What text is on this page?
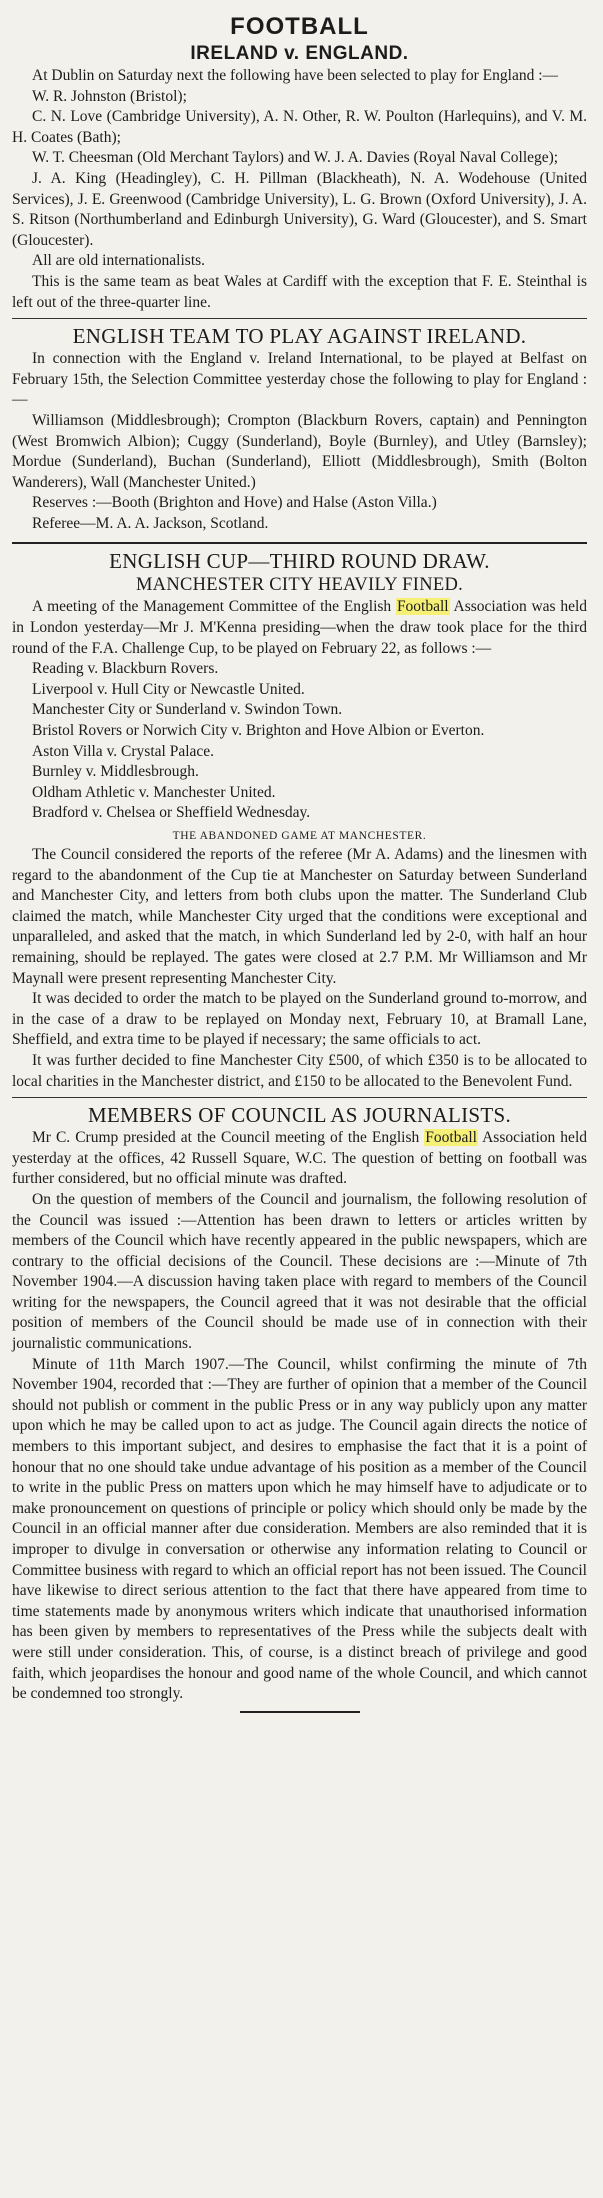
FOOTBALL
IRELAND v. ENGLAND.

At Dublin on Saturday next the following have been selected to play for England :—

W. R. Johnston (Bristol);

C. N. Love (Cambridge University), A. N. Other, R. W. Poulton (Harlequins), and V. M. H. Coates (Bath);

W. T. Cheesman (Old Merchant Taylors) and W. J. A. Davies (Royal Naval College);

J. A. King (Headingley), C. H. Pillman (Blackheath), N. A. Wodehouse (United Services), J. E. Greenwood (Cambridge University), L. G. Brown (Oxford University), J. A. S. Ritson (Northumberland and Edinburgh University), G. Ward (Gloucester), and S. Smart (Gloucester).

All are old internationalists.

This is the same team as beat Wales at Cardiff with the exception that F. E. Steinthal is left out of the three-quarter line.

ENGLISH TEAM TO PLAY AGAINST IRELAND.

In connection with the England v. Ireland International, to be played at Belfast on February 15th, the Selection Committee yesterday chose the following to play for England :—

Williamson (Middlesbrough); Crompton (Blackburn Rovers, captain) and Pennington (West Bromwich Albion); Cuggy (Sunderland), Boyle (Burnley), and Utley (Barnsley); Mordue (Sunderland), Buchan (Sunderland), Elliott (Middlesbrough), Smith (Bolton Wanderers), Wall (Manchester United.)

Reserves :—Booth (Brighton and Hove) and Halse (Aston Villa.)

Referee—M. A. A. Jackson, Scotland.

ENGLISH CUP—THIRD ROUND DRAW.
MANCHESTER CITY HEAVILY FINED.

A meeting of the Management Committee of the English Football Association was held in London yesterday—Mr J. M'Kenna presiding—when the draw took place for the third round of the F.A. Challenge Cup, to be played on February 22, as follows :—

Reading v. Blackburn Rovers.

Liverpool v. Hull City or Newcastle United.

Manchester City or Sunderland v. Swindon Town.

Bristol Rovers or Norwich City v. Brighton and Hove Albion or Everton.

Aston Villa v. Crystal Palace.

Burnley v. Middlesbrough.

Oldham Athletic v. Manchester United.

Bradford v. Chelsea or Sheffield Wednesday.

THE ABANDONED GAME AT MANCHESTER.

The Council considered the reports of the referee (Mr A. Adams) and the linesmen with regard to the abandonment of the Cup tie at Manchester on Saturday between Sunderland and Manchester City, and letters from both clubs upon the matter. The Sunderland Club claimed the match, while Manchester City urged that the conditions were exceptional and unparalleled, and asked that the match, in which Sunderland led by 2-0, with half an hour remaining, should be replayed. The gates were closed at 2.7 P.M. Mr Williamson and Mr Maynall were present representing Manchester City.

It was decided to order the match to be played on the Sunderland ground to-morrow, and in the case of a draw to be replayed on Monday next, February 10, at Bramall Lane, Sheffield, and extra time to be played if necessary; the same officials to act.

It was further decided to fine Manchester City £500, of which £350 is to be allocated to local charities in the Manchester district, and £150 to be allocated to the Benevolent Fund.

MEMBERS OF COUNCIL AS JOURNALISTS.

Mr C. Crump presided at the Council meeting of the English Football Association held yesterday at the offices, 42 Russell Square, W.C. The question of betting on football was further considered, but no official minute was drafted.

On the question of members of the Council and journalism, the following resolution of the Council was issued :—Attention has been drawn to letters or articles written by members of the Council which have recently appeared in the public newspapers, which are contrary to the official decisions of the Council. These decisions are :—Minute of 7th November 1904.—A discussion having taken place with regard to members of the Council writing for the newspapers, the Council agreed that it was not desirable that the official position of members of the Council should be made use of in connection with their journalistic communications.

Minute of 11th March 1907.—The Council, whilst confirming the minute of 7th November 1904, recorded that :—They are further of opinion that a member of the Council should not publish or comment in the public Press or in any way publicly upon any matter upon which he may be called upon to act as judge. The Council again directs the notice of members to this important subject, and desires to emphasise the fact that it is a point of honour that no one should take undue advantage of his position as a member of the Council to write in the public Press on matters upon which he may himself have to adjudicate or to make pronouncement on questions of principle or policy which should only be made by the Council in an official manner after due consideration. Members are also reminded that it is improper to divulge in conversation or otherwise any information relating to Council or Committee business with regard to which an official report has not been issued. The Council have likewise to direct serious attention to the fact that there have appeared from time to time statements made by anonymous writers which indicate that unauthorised information has been given by members to representatives of the Press while the subjects dealt with were still under consideration. This, of course, is a distinct breach of privilege and good faith, which jeopardises the honour and good name of the whole Council, and which cannot be condemned too strongly.
